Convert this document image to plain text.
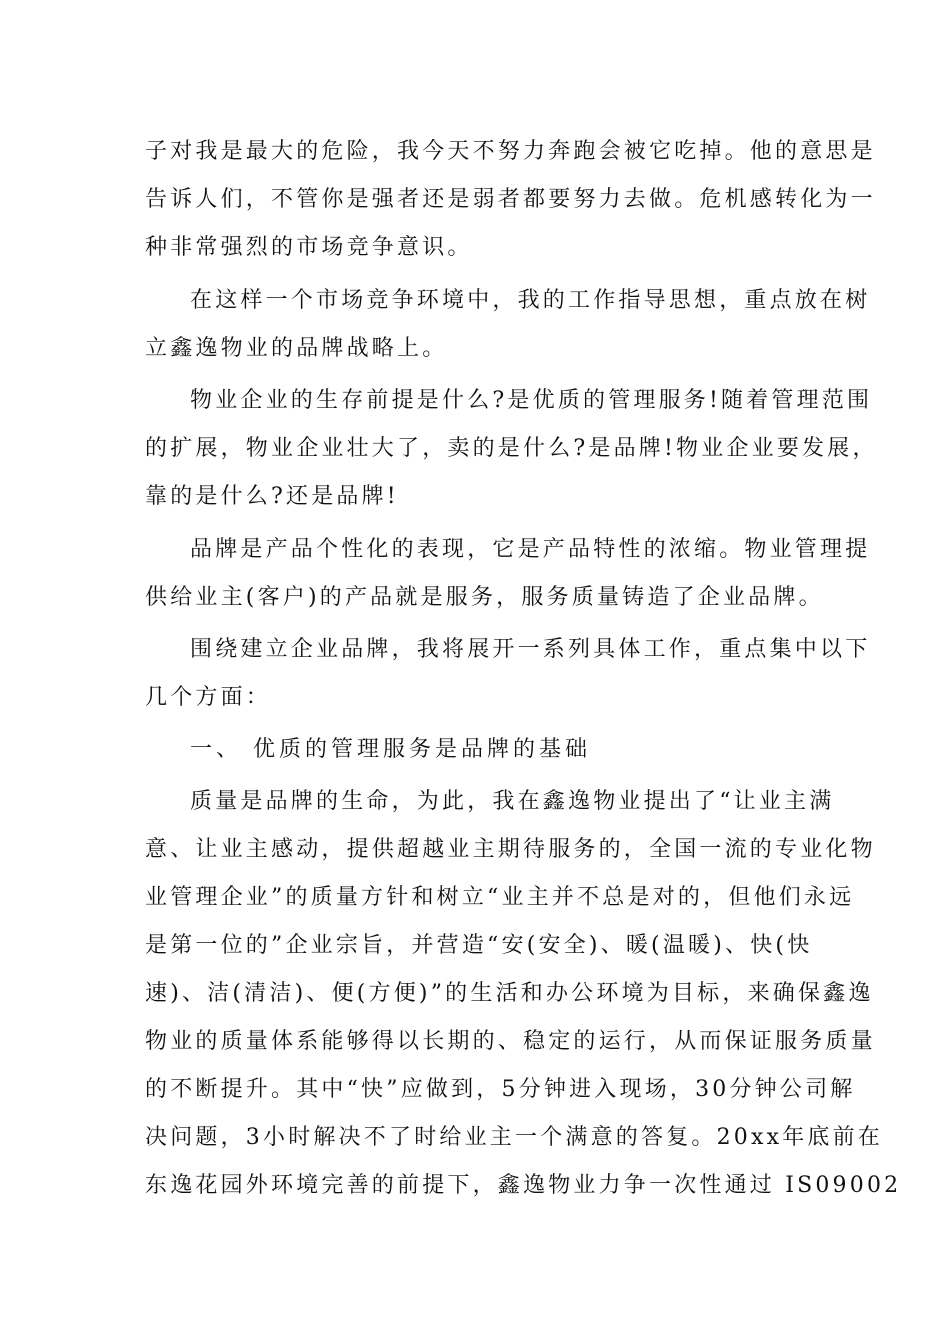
子对我是最大的危险，我今天不努力奔跑会被它吃掉。他的意思是
告诉人们，不管你是强者还是弱者都要努力去做。危机感转化为一
种非常强烈的市场竞争意识。
在这样一个市场竞争环境中，我的工作指导思想，重点放在树
立鑫逸物业的品牌战略上。
物业企业的生存前提是什么?是优质的管理服务!随着管理范围
的扩展，物业企业壮大了，卖的是什么?是品牌!物业企业要发展，
靠的是什么?还是品牌!
品牌是产品个性化的表现，它是产品特性的浓缩。物业管理提
供给业主(客户)的产品就是服务，服务质量铸造了企业品牌。
围绕建立企业品牌，我将展开一系列具体工作，重点集中以下
几个方面：
一、 优质的管理服务是品牌的基础
质量是品牌的生命，为此，我在鑫逸物业提出了“让业主满
意、让业主感动，提供超越业主期待服务的，全国一流的专业化物
业管理企业”的质量方针和树立“业主并不总是对的，但他们永远
是第一位的”企业宗旨，并营造“安(安全)、暖(温暖)、快(快
速)、洁(清洁)、便(方便)”的生活和办公环境为目标，来确保鑫逸
物业的质量体系能够得以长期的、稳定的运行，从而保证服务质量
的不断提升。其中“快”应做到，5分钟进入现场，30分钟公司解
决问题，3小时解决不了时给业主一个满意的答复。20xx年底前在
东逸花园外环境完善的前提下，鑫逸物业力争一次性通过 IS09002
